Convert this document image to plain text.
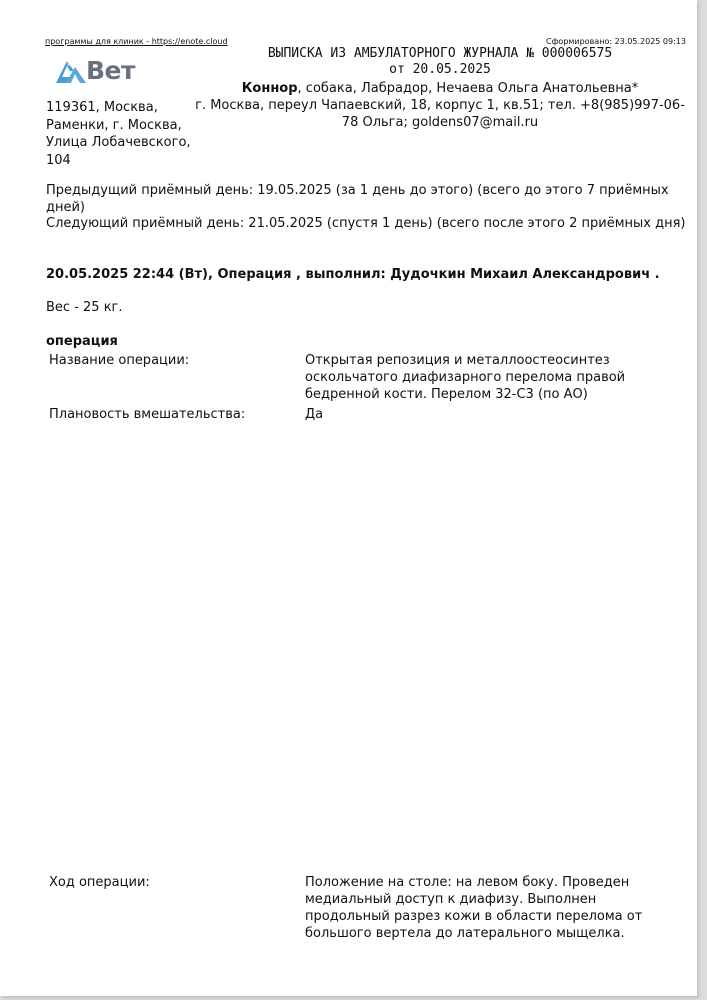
программы для клиник - https://enote.cloud	Сформировано: 23.05.2025 09:13
Вет
ВЫПИСКА ИЗ АМБУЛАТОРНОГО ЖУРНАЛА № 000006575
от 20.05.2025
Коннор, собака, Лабрадор, Нечаева Ольга Анатольевна*
г. Москва, переул Чапаевский, 18, корпус 1, кв.51; тел. +8(985)997-06-78 Ольга; goldens07@mail.ru
119361, Москва, Раменки, г. Москва, Улица Лобачевского, 104
Предыдущий приёмный день: 19.05.2025 (за 1 день до этого) (всего до этого 7 приёмных дней)
Следующий приёмный день: 21.05.2025 (спустя 1 день) (всего после этого 2 приёмных дня)
20.05.2025 22:44 (Вт), Операция , выполнил: Дудочкин Михаил Александрович .
Вес - 25 кг.
операция
Название операции:	Открытая репозиция и металлоостеосинтез оскольчатого диафизарного перелома правой бедренной кости. Перелом 32-С3 (по АО)
Плановость вмешательства:	Да
Ход операции:	Положение на столе: на левом боку. Проведен медиальный доступ к диафизу. Выполнен продольный разрез кожи в области перелома от большого вертела до латерального мыщелка.
